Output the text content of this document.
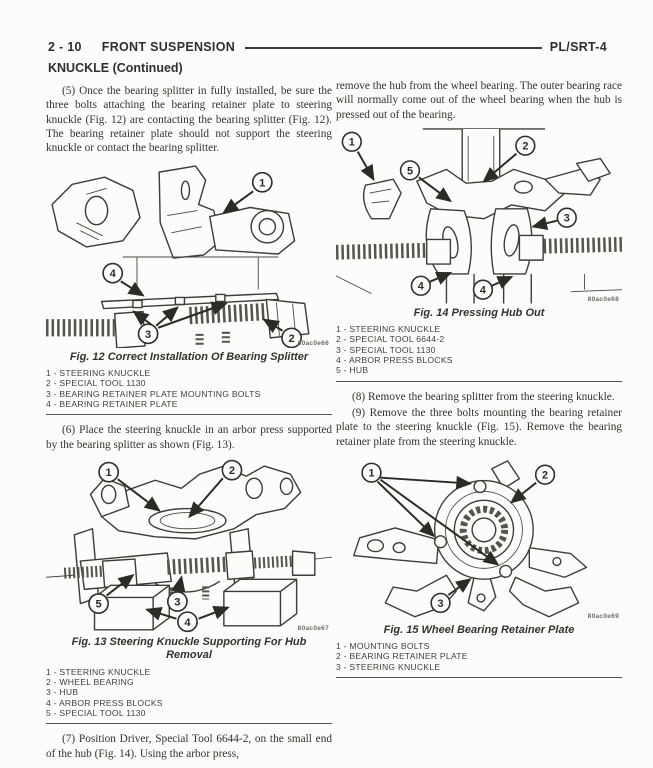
2 - 10 FRONT SUSPENSION	PL/SRT-4
KNUCKLE (Continued)

(5) Once the bearing splitter in fully installed, be sure the three bolts attaching the bearing retainer plate to steering knuckle (Fig. 12) are contacting the bearing splitter (Fig. 12). The bearing retainer plate should not support the steering knuckle or contact the bearing splitter.

1
4
3	2 80ac0e66
Fig. 12 Correct Installation Of Bearing Splitter
1 - STEERING KNUCKLE
2 - SPECIAL TOOL 1130
3 - BEARING RETAINER PLATE MOUNTING BOLTS
4 - BEARING RETAINER PLATE

(6) Place the steering knuckle in an arbor press supported by the bearing splitter as shown (Fig. 13).

1	2
5	3
4	80ac0e67
Fig. 13 Steering Knuckle Supporting For Hub Removal
1 - STEERING KNUCKLE
2 - WHEEL BEARING
3 - HUB
4 - ARBOR PRESS BLOCKS
5 - SPECIAL TOOL 1130

(7) Position Driver, Special Tool 6644-2, on the small end of the hub (Fig. 14). Using the arbor press,

remove the hub from the wheel bearing. The outer bearing race will normally come out of the wheel bearing when the hub is pressed out of the bearing.

1
5
2
3
4	4
80ac0e68
Fig. 14 Pressing Hub Out
1 - STEERING KNUCKLE
2 - SPECIAL TOOL 6644-2
3 - SPECIAL TOOL 1130
4 - ARBOR PRESS BLOCKS
5 - HUB

(8) Remove the bearing splitter from the steering knuckle.

(9) Remove the three bolts mounting the bearing retainer plate to the steering knuckle (Fig. 15). Remove the bearing retainer plate from the steering knuckle.

1	2
3
80ac0e69
Fig. 15 Wheel Bearing Retainer Plate
1 - MOUNTING BOLTS
2 - BEARING RETAINER PLATE
3 - STEERING KNUCKLE
